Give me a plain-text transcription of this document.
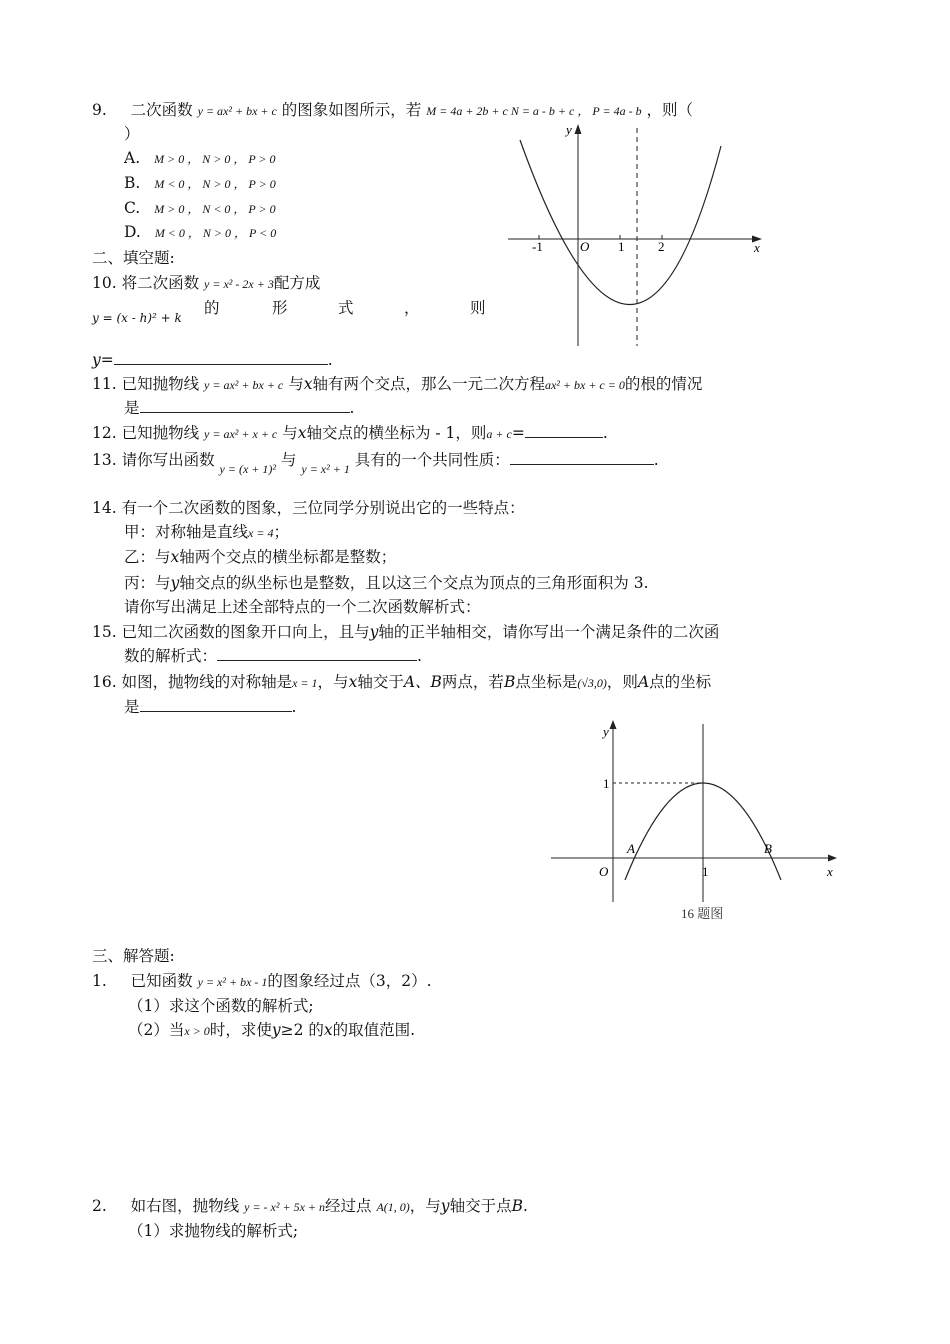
9. 二次函数 y = ax² + bx + c 的图象如图所示，若 M = 4a + 2b + c N = a - b + c ， P = 4a - b ，则（
）
A. M > 0 ， N > 0 ， P > 0
B. M < 0 ， N > 0 ， P > 0
C. M > 0 ， N < 0 ， P > 0
D. M < 0 ， N > 0 ， P < 0
y
x
O
-1	1	2
二、填空题:
10. 将二次函数 y = x² - 2x + 3配方成
y = (x - h)² + k
的	形	式	，	则
y=	.
11. 已知抛物线 y = ax² + bx + c 与x轴有两个交点，那么一元二次方程ax² + bx + c = 0的根的情况
是	.
12. 已知抛物线 y = ax² + x + c 与x轴交点的横坐标为 - 1，则a + c=	.
13. 请你写出函数 $_{y = (x + 1)^2}$ 与 $_{y = x^2 + 1}$ 具有的一个共同性质：	.
14. 有一个二次函数的图象，三位同学分别说出它的一些特点：
甲：对称轴是直线x = 4；
乙：与x轴两个交点的横坐标都是整数；
丙：与y轴交点的纵坐标也是整数，且以这三个交点为顶点的三角形面积为 3.
请你写出满足上述全部特点的一个二次函数解析式：
15. 已知二次函数的图象开口向上，且与y轴的正半轴相交，请你写出一个满足条件的二次函
数的解析式：	.
16. 如图，抛物线的对称轴是x = 1，与x轴交于A、B两点，若B点坐标是(√3,0)，则A点的坐标
是	.
y
x
O
1
1
A	B
16 题图
三、解答题:
1. 已知函数 y = x² + bx - 1的图象经过点（3，2）.
（1）求这个函数的解析式;
（2）当x > 0时，求使y≥2 的x的取值范围.
2. 如右图，抛物线 y = - x² + 5x + n经过点 A(1, 0)，与y轴交于点B.
（1）求抛物线的解析式;
